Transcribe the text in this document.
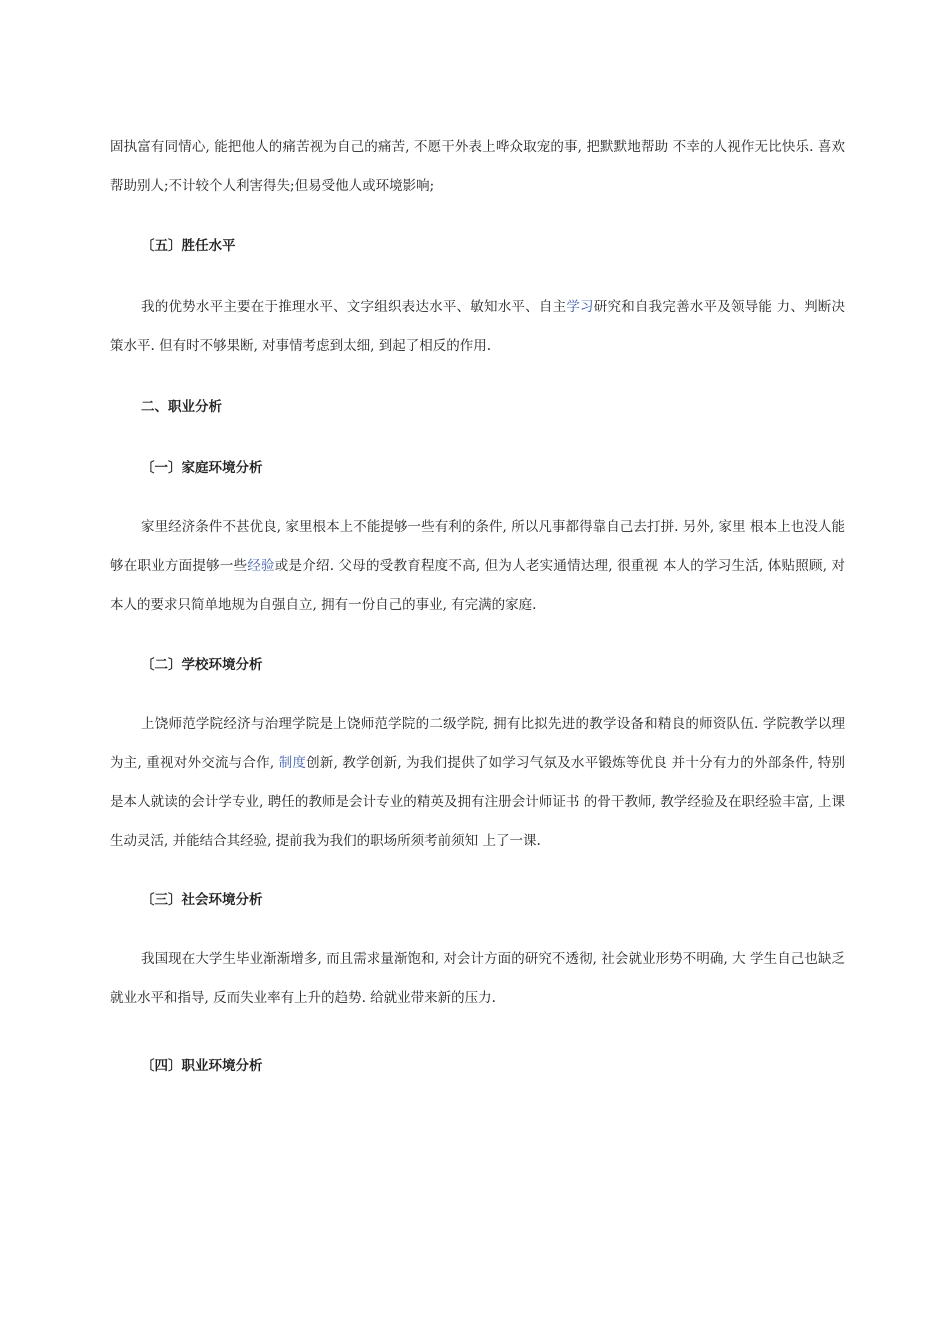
固执富有同情心, 能把他人的痛苦视为自己的痛苦, 不愿干外表上哗众取宠的事, 把默默地帮助 不幸的人视作无比快乐. 喜欢帮助别人;不计较个人利害得失;但易受他人或环境影响;

〔五〕胜任水平

我的优势水平主要在于推理水平、文字组织表达水平、敏知水平、自主学习研究和自我完善水平及领导能 力、判断决策水平. 但有时不够果断, 对事情考虑到太细, 到起了相反的作用.

二、职业分析
〔一〕家庭环境分析

家里经济条件不甚优良, 家里根本上不能提够一些有利的条件, 所以凡事都得靠自己去打拼. 另外, 家里 根本上也没人能够在职业方面提够一些经验或是介绍. 父母的受教育程度不高, 但为人老实通情达理, 很重视 本人的学习生活, 体贴照顾, 对本人的要求只简单地规为自强自立, 拥有一份自己的事业, 有完满的家庭.

〔二〕学校环境分析

上饶师范学院经济与治理学院是上饶师范学院的二级学院, 拥有比拟先进的教学设备和精良的师资队伍. 学院教学以理为主, 重视对外交流与合作, 制度创新, 教学创新, 为我们提供了如学习气氛及水平锻炼等优良 并十分有力的外部条件, 特别是本人就读的会计学专业, 聘任的教师是会计专业的精英及拥有注册会计师证书 的骨干教师, 教学经验及在职经验丰富, 上课生动灵活, 并能结合其经验, 提前我为我们的职场所须考前须知 上了一课.

〔三〕社会环境分析

我国现在大学生毕业渐渐增多, 而且需求量渐饱和, 对会计方面的研究不透彻, 社会就业形势不明确, 大 学生自己也缺乏就业水平和指导, 反而失业率有上升的趋势. 给就业带来新的压力.

〔四〕职业环境分析
